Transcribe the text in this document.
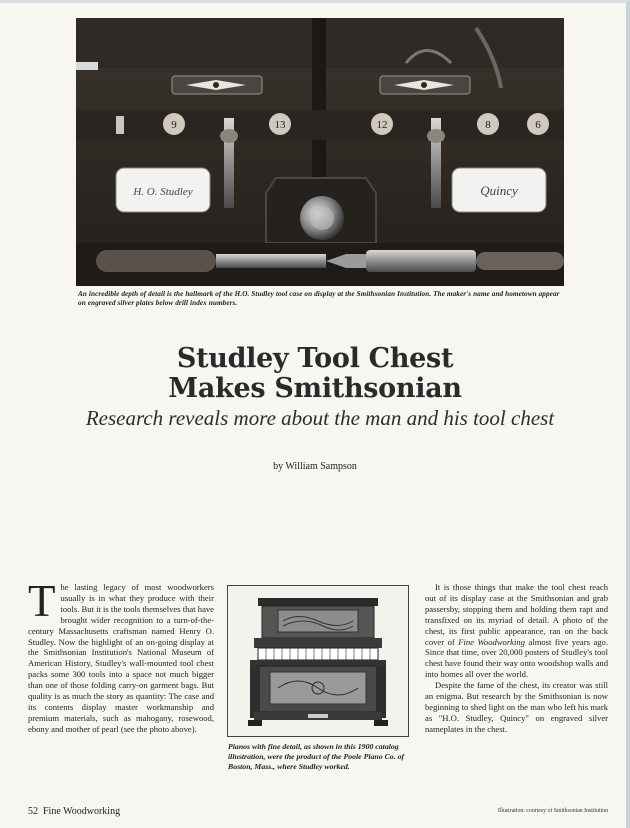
9	13	12	8	6
H. O. Studley	Quincy
An incredible depth of detail is the hallmark of the H.O. Studley tool case on display at the Smithsonian Institution. The maker's name and hometown appear on engraved silver plates below drill index numbers.
Studley Tool Chest
Makes Smithsonian
Research reveals more about the man and his tool chest
by William Sampson
The lasting legacy of most woodworkers usually is in what they produce with their tools. But it is the tools themselves that have brought wider recognition to a turn-of-the-century Massachusetts craftsman named Henry O. Studley. Now the highlight of an on-going display at the Smithsonian Institution's National Museum of American History, Studley's wall-mounted tool chest packs some 300 tools into a space not much bigger than one of those folding carry-on garment bags. But quality is as much the story as quantity: The case and its contents display master workmanship and premium materials, such as mahogany, rosewood, ebony and mother of pearl (see the photo above).
Pianos with fine detail, as shown in this 1900 catalog illustration, were the product of the Poole Piano Co. of Boston, Mass., where Studley worked.

It is those things that make the tool chest reach out of its display case at the Smithsonian and grab passersby, stopping them and holding them rapt and transfixed on its myriad of detail. A photo of the chest, its first public appearance, ran on the back cover of Fine Woodworking almost five years ago. Since that time, over 20,000 posters of Studley's tool chest have found their way onto woodshop walls and into homes all over the world.

Despite the fame of the chest, its creator was still an enigma. But research by the Smithsonian is now beginning to shed light on the man who left his mark as "H.O. Studley, Quincy" on engraved silver nameplates in the chest.

52 Fine Woodworking	Illustration: courtesy of Smithsonian Institution
